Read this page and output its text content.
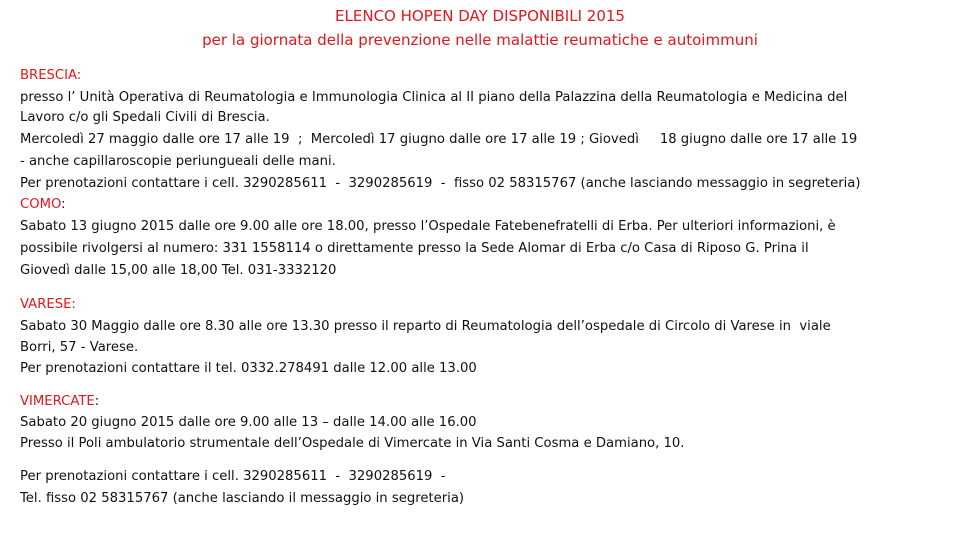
ELENCO HOPEN DAY DISPONIBILI 2015
per la giornata della prevenzione nelle malattie reumatiche e autoimmuni
BRESCIA:
presso l’ Unità Operativa di Reumatologia e Immunologia Clinica al II piano della Palazzina della Reumatologia e Medicina del
Lavoro c/o gli Spedali Civili di Brescia.
Mercoledì 27 maggio dalle ore 17 alle 19  ;  Mercoledì 17 giugno dalle ore 17 alle 19 ; Giovedì     18 giugno dalle ore 17 alle 19
- anche capillaroscopie periungueali delle mani.
Per prenotazioni contattare i cell. 3290285611  -  3290285619  -  fisso 02 58315767 (anche lasciando messaggio in segreteria)
COMO:
Sabato 13 giugno 2015 dalle ore 9.00 alle ore 18.00, presso l’Ospedale Fatebenefratelli di Erba. Per ulteriori informazioni, è
possibile rivolgersi al numero: 331 1558114 o direttamente presso la Sede Alomar di Erba c/o Casa di Riposo G. Prina il
Giovedì dalle 15,00 alle 18,00 Tel. 031-3332120
VARESE:
Sabato 30 Maggio dalle ore 8.30 alle ore 13.30 presso il reparto di Reumatologia dell’ospedale di Circolo di Varese in  viale
Borri, 57 - Varese.
Per prenotazioni contattare il tel. 0332.278491 dalle 12.00 alle 13.00
VIMERCATE:
Sabato 20 giugno 2015 dalle ore 9.00 alle 13 – dalle 14.00 alle 16.00
Presso il Poli ambulatorio strumentale dell’Ospedale di Vimercate in Via Santi Cosma e Damiano, 10.
Per prenotazioni contattare i cell. 3290285611  -  3290285619  -
Tel. fisso 02 58315767 (anche lasciando il messaggio in segreteria)
